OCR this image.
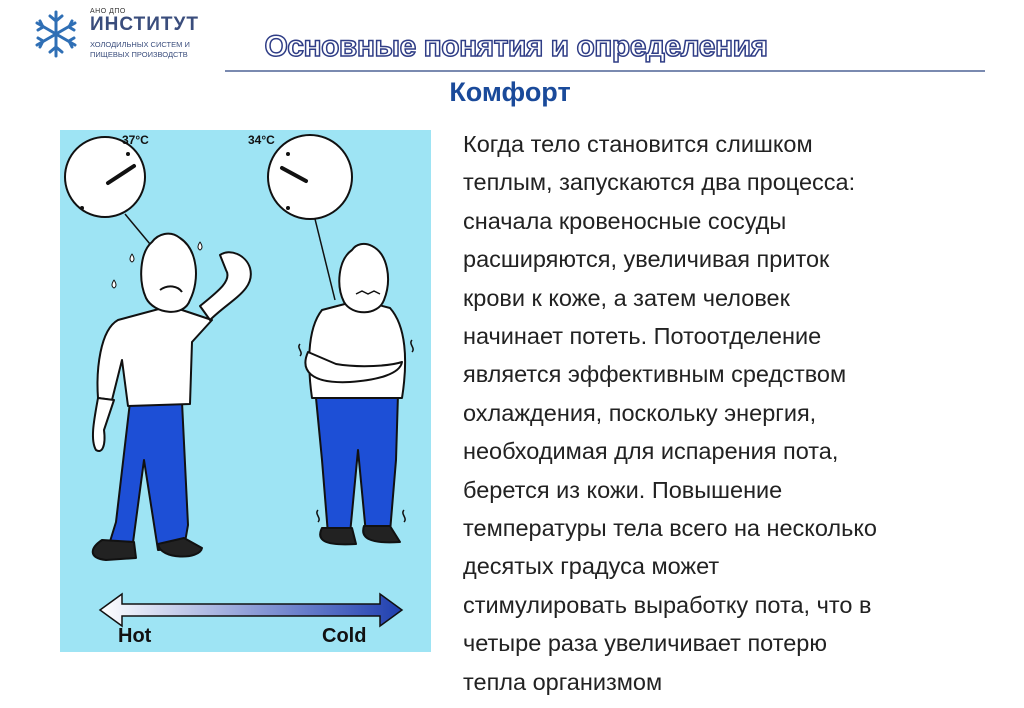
АНО ДПО
ИНСТИТУТ
ХОЛОДИЛЬНЫХ СИСТЕМ И
ПИЩЕВЫХ ПРОИЗВОДСТВ	Основные понятия и определения
Комфорт
37°C	34°C
Hot	Cold

Когда тело становится слишком
теплым, запускаются два процесса:
сначала кровеносные сосуды
расширяются, увеличивая приток
крови к коже, а затем человек
начинает потеть. Потоотделение
является эффективным средством
охлаждения, поскольку энергия,
необходимая для испарения пота,
берется из кожи. Повышение
температуры тела всего на несколько
десятых градуса может
стимулировать выработку пота, что в
четыре раза увеличивает потерю
тепла организмом
